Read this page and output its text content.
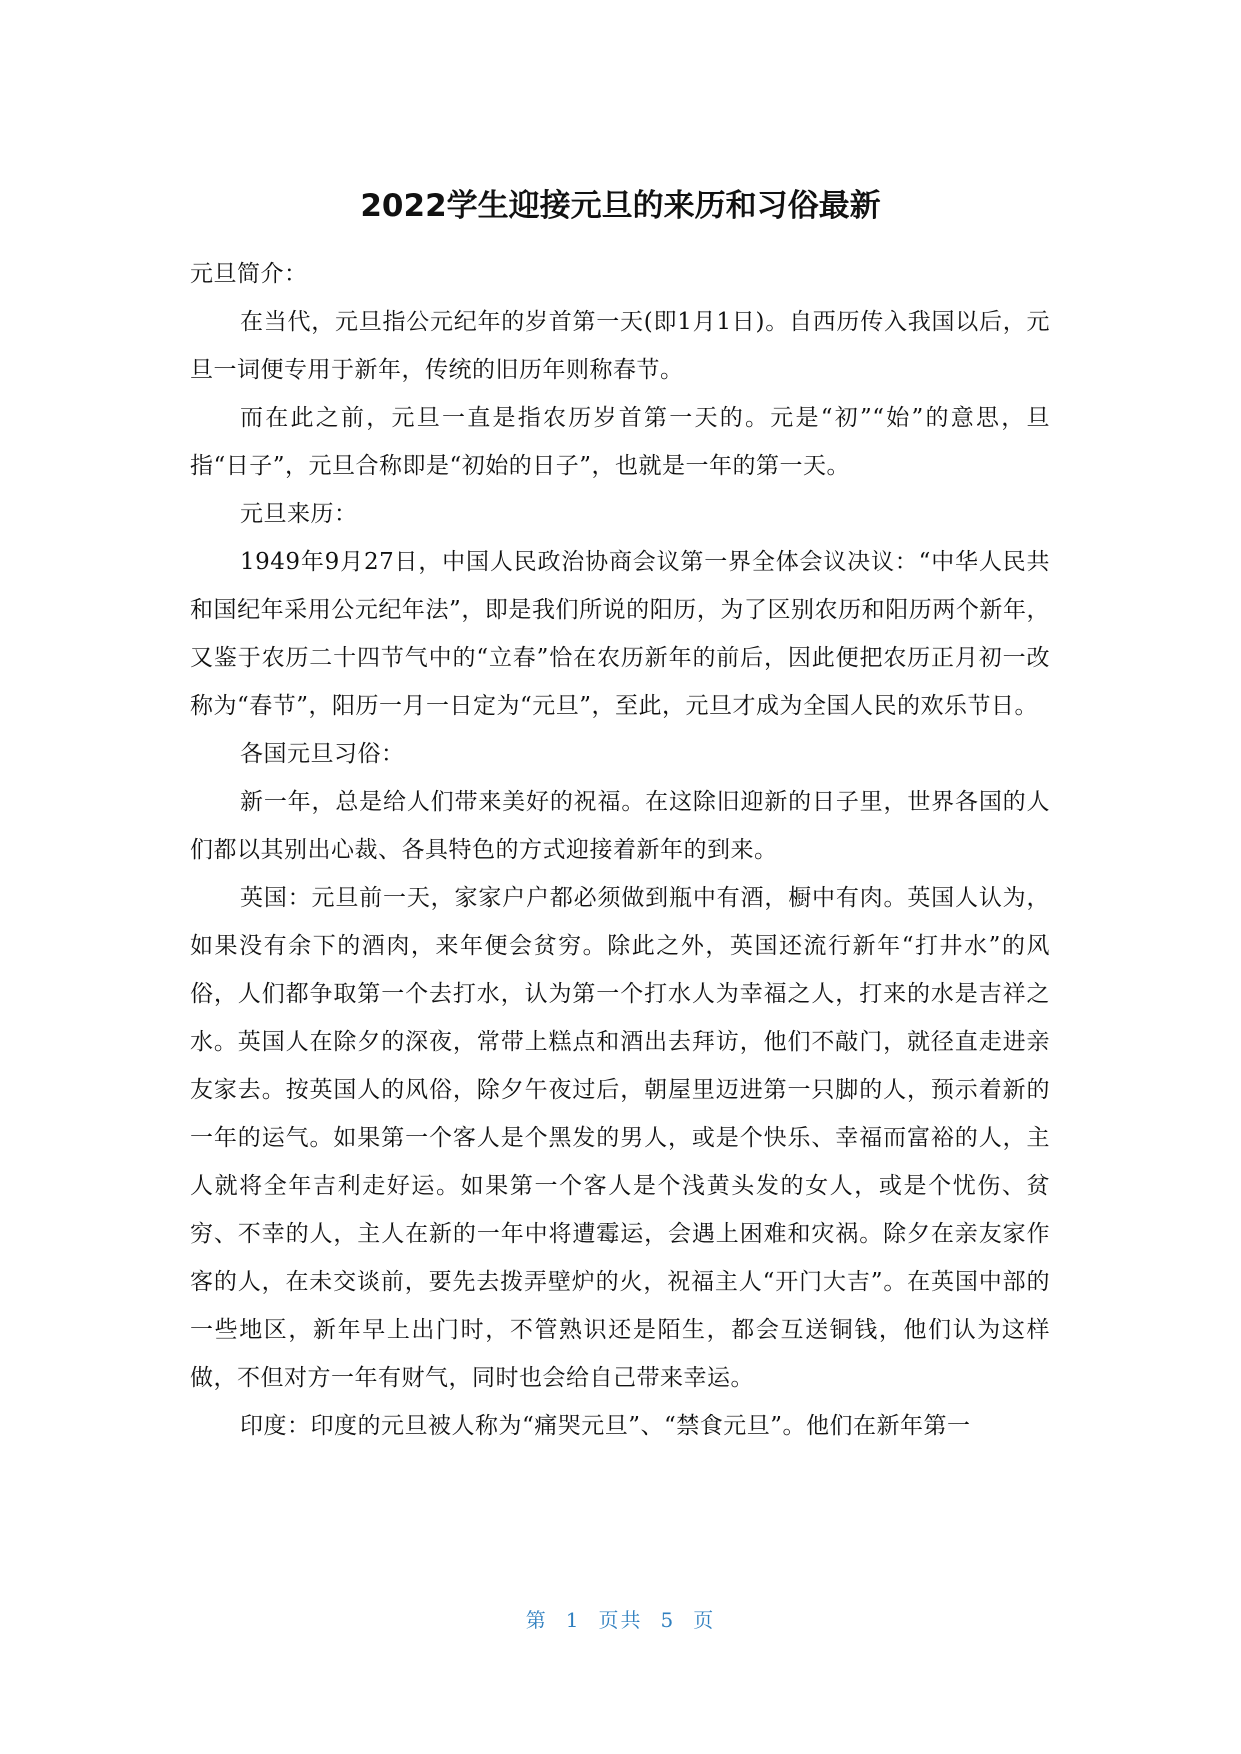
2022学生迎接元旦的来历和习俗最新

元旦简介：

在当代，元旦指公元纪年的岁首第一天(即1月1日)。自西历传入我国以后，元旦一词便专用于新年，传统的旧历年则称春节。

而在此之前，元旦一直是指农历岁首第一天的。元是“初”“始”的意思，旦指“日子”，元旦合称即是“初始的日子”，也就是一年的第一天。

元旦来历：

1949年9月27日，中国人民政治协商会议第一界全体会议决议：“中华人民共和国纪年采用公元纪年法”，即是我们所说的阳历，为了区别农历和阳历两个新年，又鉴于农历二十四节气中的“立春”恰在农历新年的前后，因此便把农历正月初一改称为“春节”，阳历一月一日定为“元旦”，至此，元旦才成为全国人民的欢乐节日。

各国元旦习俗：

新一年，总是给人们带来美好的祝福。在这除旧迎新的日子里，世界各国的人们都以其别出心裁、各具特色的方式迎接着新年的到来。

英国：元旦前一天，家家户户都必须做到瓶中有酒，橱中有肉。英国人认为，如果没有余下的酒肉，来年便会贫穷。除此之外，英国还流行新年“打井水”的风俗，人们都争取第一个去打水，认为第一个打水人为幸福之人，打来的水是吉祥之水。英国人在除夕的深夜，常带上糕点和酒出去拜访，他们不敲门，就径直走进亲友家去。按英国人的风俗，除夕午夜过后，朝屋里迈进第一只脚的人，预示着新的一年的运气。如果第一个客人是个黑发的男人，或是个快乐、幸福而富裕的人，主人就将全年吉利走好运。如果第一个客人是个浅黄头发的女人，或是个忧伤、贫穷、不幸的人，主人在新的一年中将遭霉运，会遇上困难和灾祸。除夕在亲友家作客的人，在未交谈前，要先去拨弄壁炉的火，祝福主人“开门大吉”。在英国中部的一些地区，新年早上出门时，不管熟识还是陌生，都会互送铜钱，他们认为这样做，不但对方一年有财气，同时也会给自己带来幸运。

印度：印度的元旦被人称为“痛哭元旦”、“禁食元旦”。他们在新年第一

第 1 页共 5 页
